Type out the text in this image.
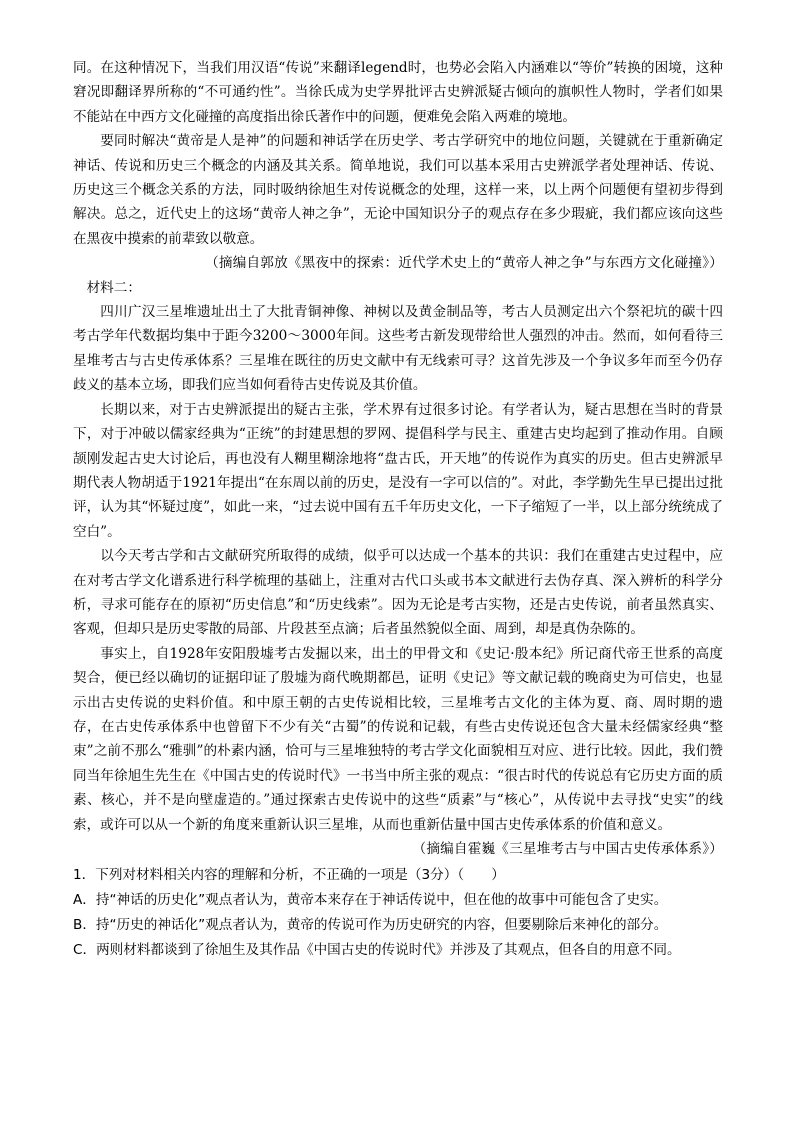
同。在这种情况下，当我们用汉语“传说”来翻译legend时，也势必会陷入内涵难以“等价”转换的困境，这种窘况即翻译界所称的“不可通约性”。当徐氏成为史学界批评古史辨派疑古倾向的旗帜性人物时，学者们如果不能站在中西方文化碰撞的高度指出徐氏著作中的问题，便难免会陷入两难的境地。

要同时解决“黄帝是人是神”的问题和神话学在历史学、考古学研究中的地位问题，关键就在于重新确定神话、传说和历史三个概念的内涵及其关系。简单地说，我们可以基本采用古史辨派学者处理神话、传说、历史这三个概念关系的方法，同时吸纳徐旭生对传说概念的处理，这样一来，以上两个问题便有望初步得到解决。总之，近代史上的这场“黄帝人神之争”，无论中国知识分子的观点存在多少瑕疵，我们都应该向这些在黑夜中摸索的前辈致以敬意。

（摘编自郭放《黑夜中的探索：近代学术史上的“黄帝人神之争”与东西方文化碰撞》）

材料二：

四川广汉三星堆遗址出土了大批青铜神像、神树以及黄金制品等，考古人员测定出六个祭祀坑的碳十四考古学年代数据均集中于距今3200～3000年间。这些考古新发现带给世人强烈的冲击。然而，如何看待三星堆考古与古史传承体系？三星堆在既往的历史文献中有无线索可寻？这首先涉及一个争议多年而至今仍存歧义的基本立场，即我们应当如何看待古史传说及其价值。

长期以来，对于古史辨派提出的疑古主张，学术界有过很多讨论。有学者认为，疑古思想在当时的背景下，对于冲破以儒家经典为“正统”的封建思想的罗网、提倡科学与民主、重建古史均起到了推动作用。自顾颉刚发起古史大讨论后，再也没有人糊里糊涂地将“盘古氏，开天地”的传说作为真实的历史。但古史辨派早期代表人物胡适于1921年提出“在东周以前的历史，是没有一字可以信的”。对此，李学勤先生早已提出过批评，认为其“怀疑过度”，如此一来，“过去说中国有五千年历史文化，一下子缩短了一半，以上部分统统成了空白”。

以今天考古学和古文献研究所取得的成绩，似乎可以达成一个基本的共识：我们在重建古史过程中，应在对考古学文化谱系进行科学梳理的基础上，注重对古代口头或书本文献进行去伪存真、深入辨析的科学分析，寻求可能存在的原初“历史信息”和“历史线索”。因为无论是考古实物，还是古史传说，前者虽然真实、客观，但却只是历史零散的局部、片段甚至点滴；后者虽然貌似全面、周到，却是真伪杂陈的。

事实上，自1928年安阳殷墟考古发掘以来，出土的甲骨文和《史记·殷本纪》所记商代帝王世系的高度契合，便已经以确切的证据印证了殷墟为商代晚期都邑，证明《史记》等文献记载的晚商史为可信史，也显示出古史传说的史料价值。和中原王朝的古史传说相比较，三星堆考古文化的主体为夏、商、周时期的遗存，在古史传承体系中也曾留下不少有关“古蜀”的传说和记载，有些古史传说还包含大量未经儒家经典“整束”之前不那么“雅驯”的朴素内涵，恰可与三星堆独特的考古学文化面貌相互对应、进行比较。因此，我们赞同当年徐旭生先生在《中国古史的传说时代》一书当中所主张的观点：“很古时代的传说总有它历史方面的质素、核心，并不是向壁虚造的。”通过探索古史传说中的这些“质素”与“核心”，从传说中去寻找“史实”的线索，或许可以从一个新的角度来重新认识三星堆，从而也重新估量中国古史传承体系的价值和意义。

（摘编自霍巍《三星堆考古与中国古史传承体系》）

1．下列对材料相关内容的理解和分析，不正确的一项是（3分）（　　）

A．持“神话的历史化”观点者认为，黄帝本来存在于神话传说中，但在他的故事中可能包含了史实。

B．持“历史的神话化”观点者认为，黄帝的传说可作为历史研究的内容，但要剔除后来神化的部分。

C．两则材料都谈到了徐旭生及其作品《中国古史的传说时代》并涉及了其观点，但各自的用意不同。
